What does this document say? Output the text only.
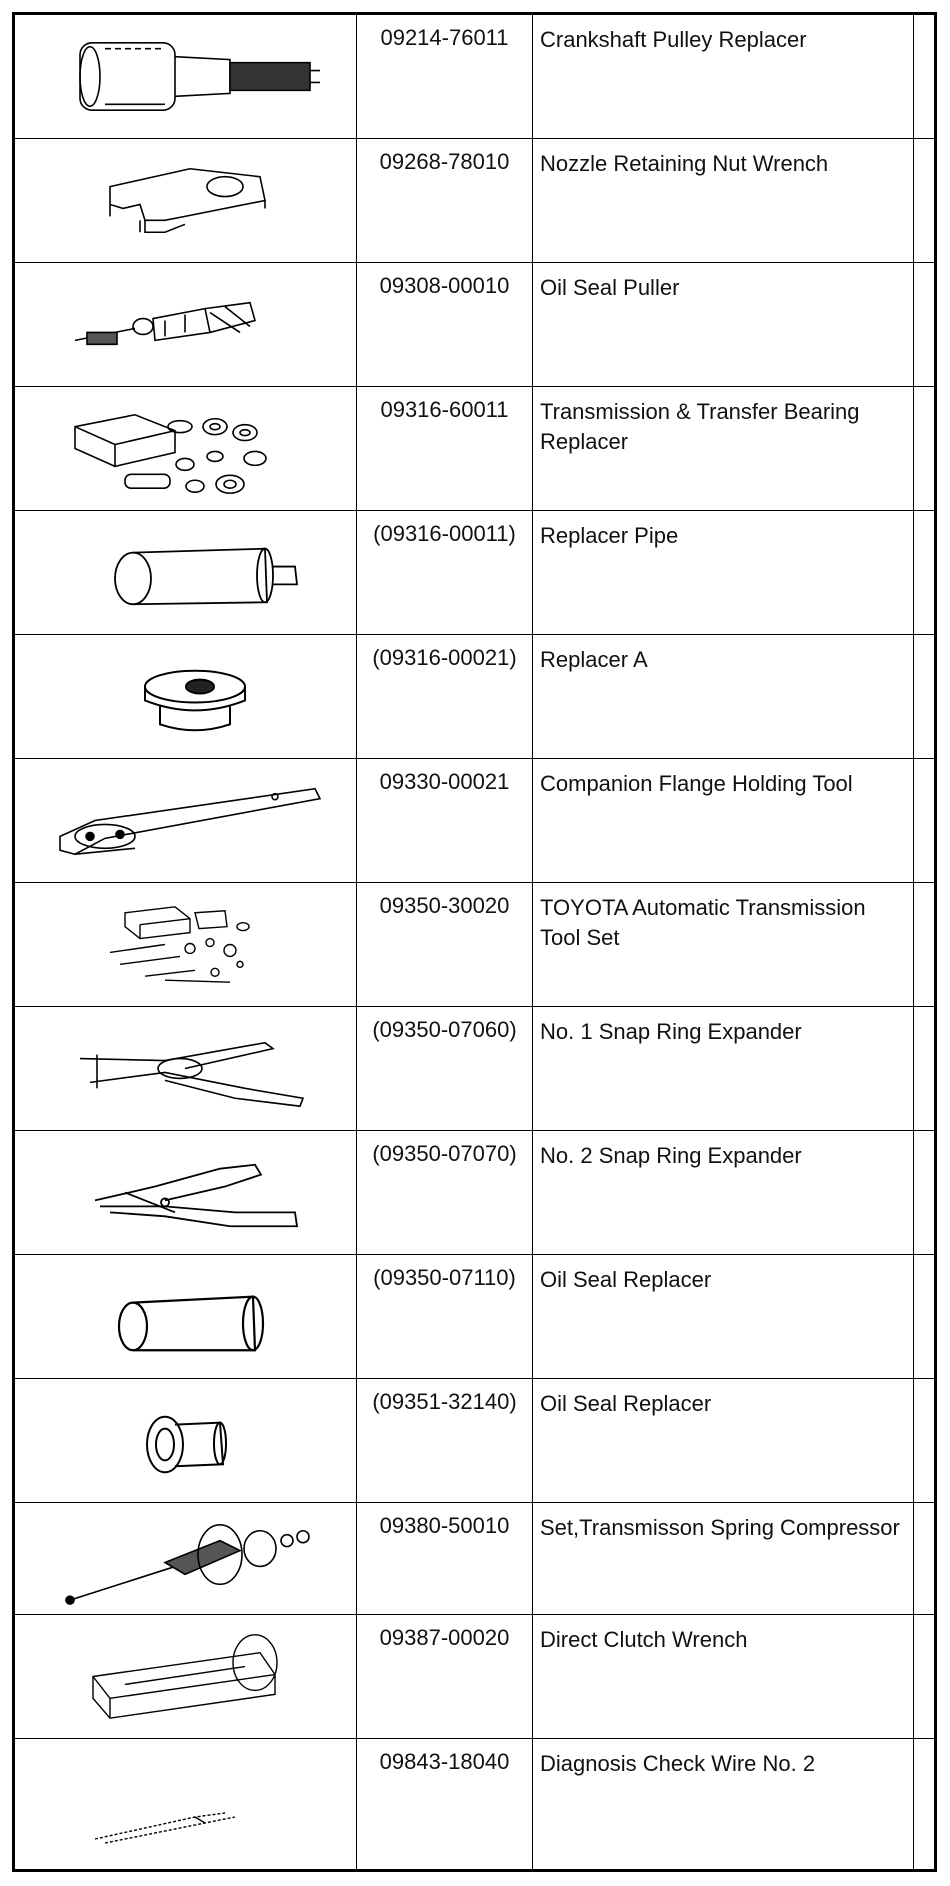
09214-76011	Crankshaft Pulley Replacer
09268-78010	Nozzle Retaining Nut Wrench
09308-00010	Oil Seal Puller
09316-60011	Transmission & Transfer Bearing Replacer
(09316-00011)	Replacer Pipe
(09316-00021)	Replacer A
09330-00021	Companion Flange Holding Tool
09350-30020	TOYOTA Automatic Transmission Tool Set
(09350-07060)	No. 1 Snap Ring Expander
(09350-07070)	No. 2 Snap Ring Expander
(09350-07110)	Oil Seal Replacer
(09351-32140)	Oil Seal Replacer
09380-50010	Set,Transmisson Spring Compressor
09387-00020	Direct Clutch Wrench
09843-18040	Diagnosis Check Wire No. 2
